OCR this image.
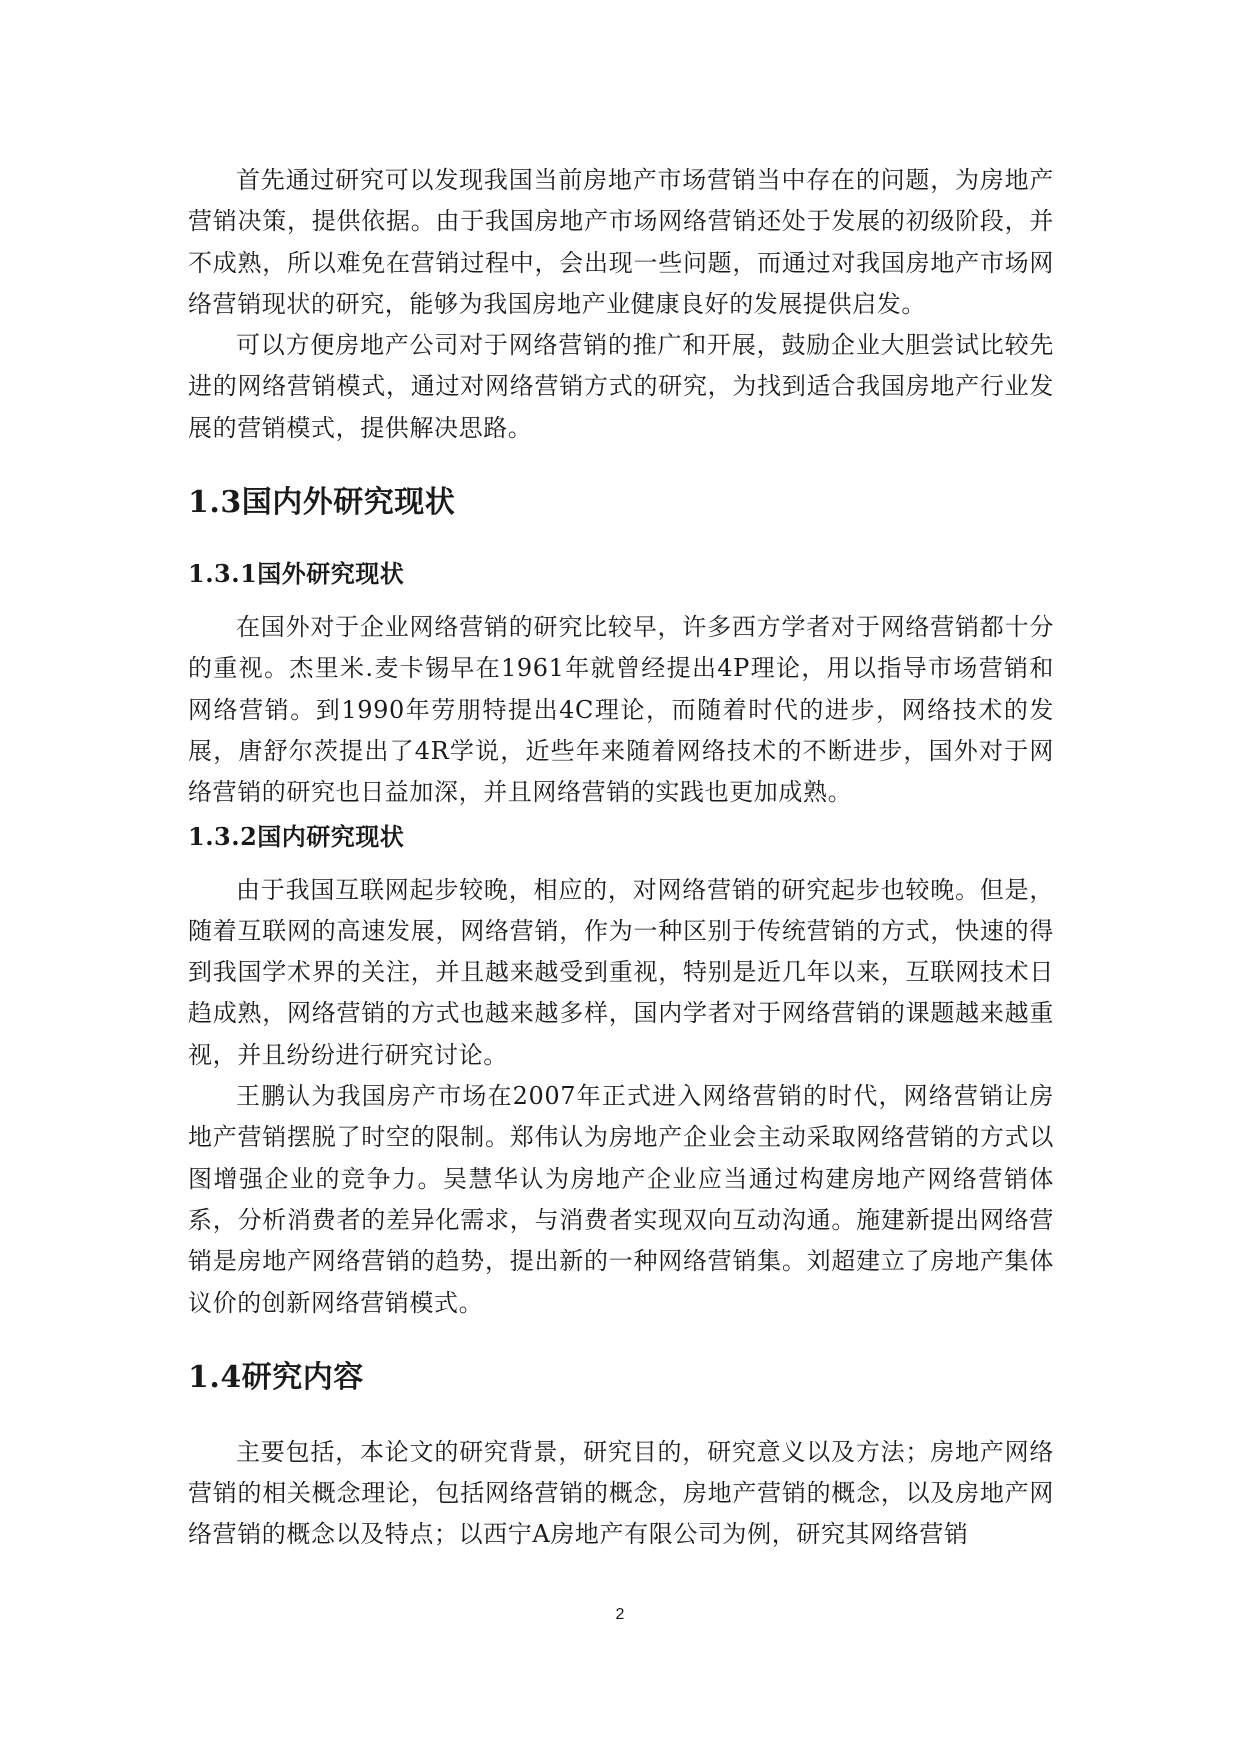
首先通过研究可以发现我国当前房地产市场营销当中存在的问题，为房地产营销决策，提供依据。由于我国房地产市场网络营销还处于发展的初级阶段，并不成熟，所以难免在营销过程中，会出现一些问题，而通过对我国房地产市场网络营销现状的研究，能够为我国房地产业健康良好的发展提供启发。

可以方便房地产公司对于网络营销的推广和开展，鼓励企业大胆尝试比较先进的网络营销模式，通过对网络营销方式的研究，为找到适合我国房地产行业发展的营销模式，提供解决思路。

1.3国内外研究现状
1.3.1国外研究现状

在国外对于企业网络营销的研究比较早，许多西方学者对于网络营销都十分的重视。杰里米.麦卡锡早在1961年就曾经提出4P理论，用以指导市场营销和网络营销。到1990年劳朋特提出4C理论，而随着时代的进步，网络技术的发展，唐舒尔茨提出了4R学说，近些年来随着网络技术的不断进步，国外对于网络营销的研究也日益加深，并且网络营销的实践也更加成熟。

1.3.2国内研究现状

由于我国互联网起步较晚，相应的，对网络营销的研究起步也较晚。但是，随着互联网的高速发展，网络营销，作为一种区别于传统营销的方式，快速的得到我国学术界的关注，并且越来越受到重视，特别是近几年以来，互联网技术日趋成熟，网络营销的方式也越来越多样，国内学者对于网络营销的课题越来越重视，并且纷纷进行研究讨论。

王鹏认为我国房产市场在2007年正式进入网络营销的时代，网络营销让房地产营销摆脱了时空的限制。郑伟认为房地产企业会主动采取网络营销的方式以图增强企业的竞争力。吴慧华认为房地产企业应当通过构建房地产网络营销体系，分析消费者的差异化需求，与消费者实现双向互动沟通。施建新提出网络营销是房地产网络营销的趋势，提出新的一种网络营销集。刘超建立了房地产集体议价的创新网络营销模式。

1.4研究内容

主要包括，本论文的研究背景，研究目的，研究意义以及方法；房地产网络营销的相关概念理论，包括网络营销的概念，房地产营销的概念，以及房地产网络营销的概念以及特点；以西宁A房地产有限公司为例，研究其网络营销

2
